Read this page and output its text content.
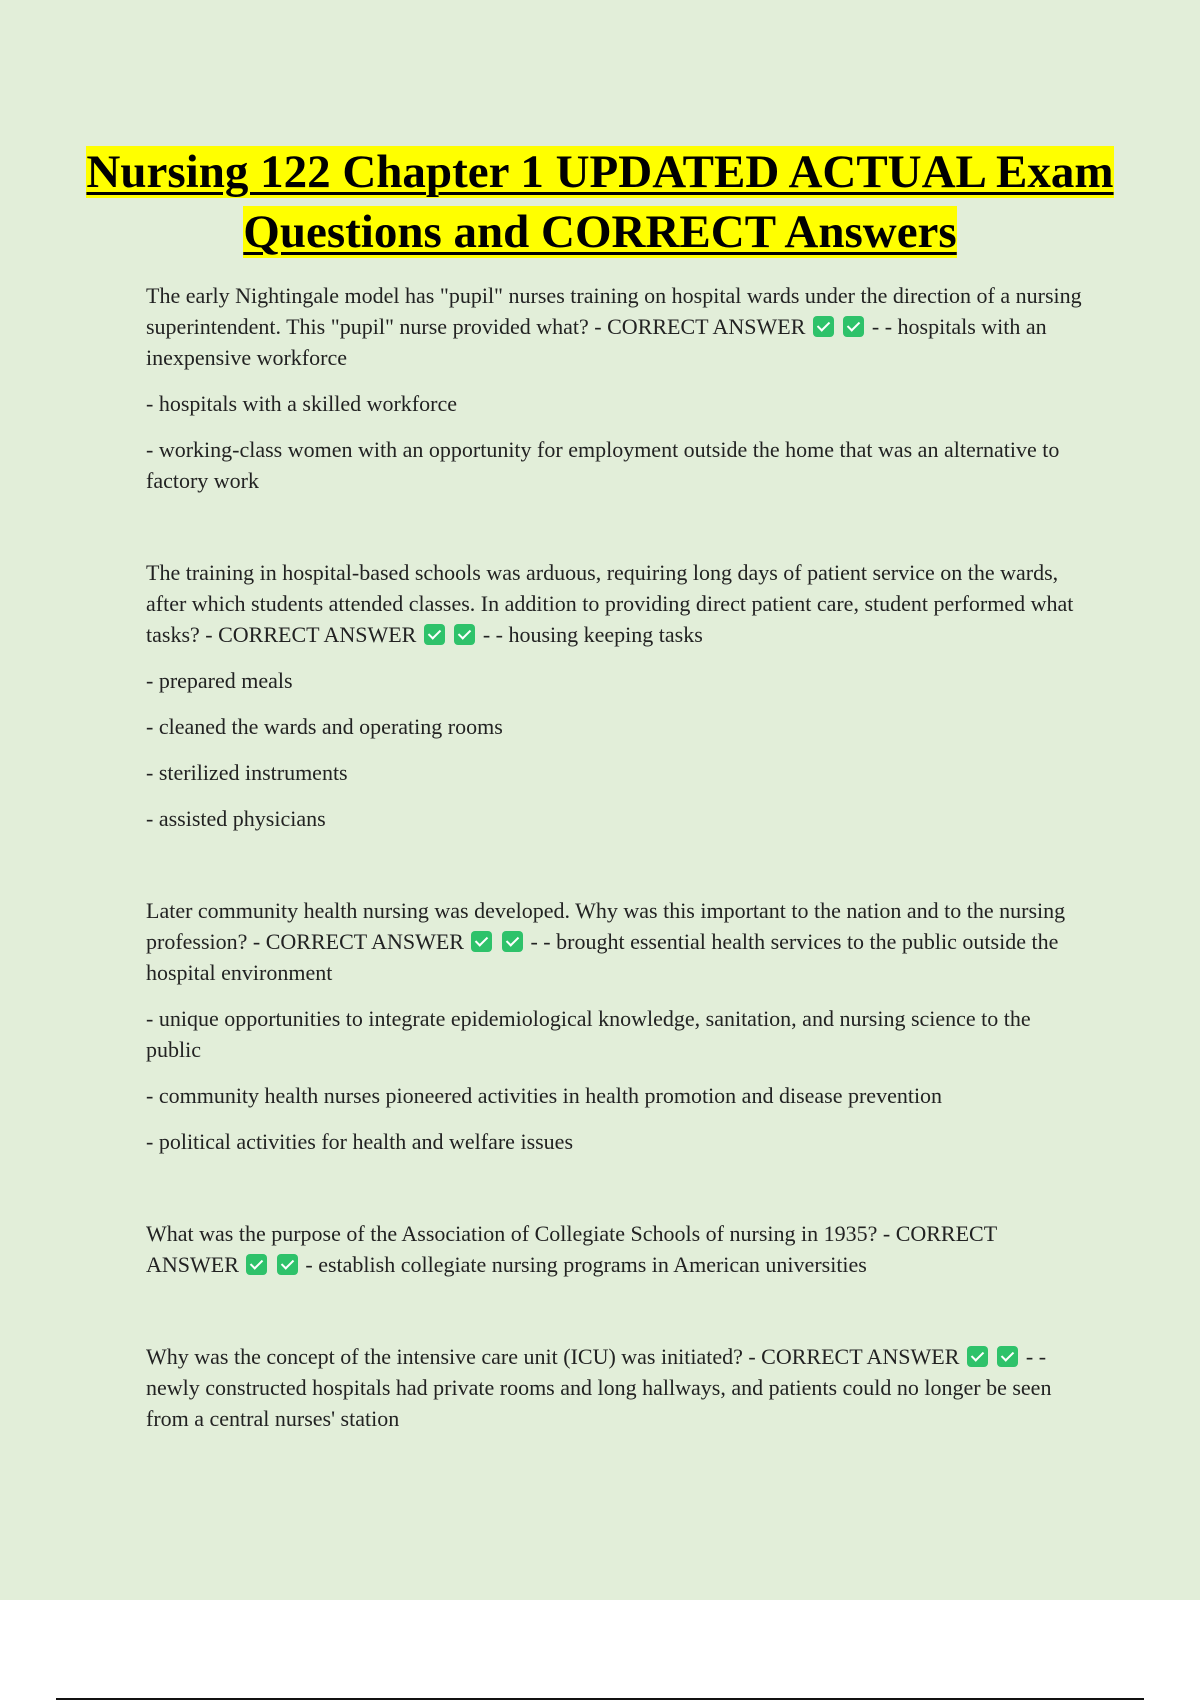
Nursing 122 Chapter 1 UPDATED ACTUAL Exam Questions and CORRECT Answers

The early Nightingale model has "pupil" nurses training on hospital wards under the direction of a nursing superintendent. This "pupil" nurse provided what? - CORRECT ANSWER	- - hospitals with an inexpensive workforce

- hospitals with a skilled workforce

- working-class women with an opportunity for employment outside the home that was an alternative to factory work

The training in hospital-based schools was arduous, requiring long days of patient service on the wards, after which students attended classes. In addition to providing direct patient care, student performed what tasks? - CORRECT ANSWER	- - housing keeping tasks

- prepared meals

- cleaned the wards and operating rooms

- sterilized instruments

- assisted physicians

Later community health nursing was developed. Why was this important to the nation and to the nursing profession? - CORRECT ANSWER	- - brought essential health services to the public outside the hospital environment

- unique opportunities to integrate epidemiological knowledge, sanitation, and nursing science to the public

- community health nurses pioneered activities in health promotion and disease prevention

- political activities for health and welfare issues

What was the purpose of the Association of Collegiate Schools of nursing in 1935? - CORRECT ANSWER	- establish collegiate nursing programs in American universities

Why was the concept of the intensive care unit (ICU) was initiated? - CORRECT ANSWER	- - newly constructed hospitals had private rooms and long hallways, and patients could no longer be seen from a central nurses' station
